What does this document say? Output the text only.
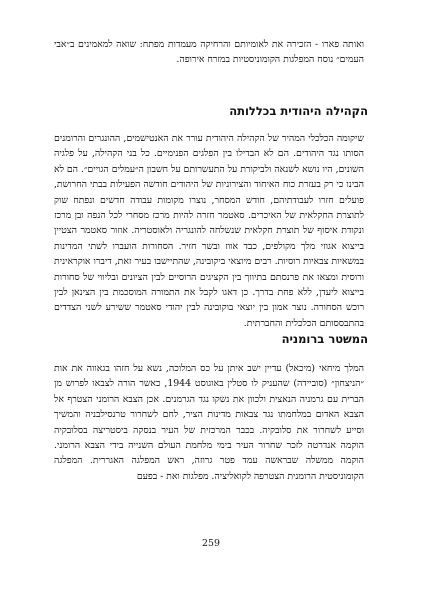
ואותה פארו - הזכירה את לאומיותם והרחיקה מעמדות מפתח: שואה למאמינים ב״אבי העמים״ נוסח המפלגות הקומוניסטיות במזרח אירופה.

הקהילה היהודית בכללותה

שיקומה הכלכלי המהיר של הקהילה היהודית עורר את האנטישמים, ההונגרים והרומנים הסותו נגד היהודים. הם לא הבדילו בין הפלגים הפנימיים. כל בני הקהילה, על פלגיה השונים, היו נושא לשנאה ולביקורת על התעשרותם על חשבון ה״עמלים הגויים״. הם לא הבינו כי רק בעזרת כוח האיחוד והצירוניות של היהודים חודשה הפעילות בבתי החרושת, פועלים חזרו לעבודתיהם, חודש המסחר, נוצרו מקומות עבודה חדשים ונפתח שוק לתוצרת החקלאית של האיכרים. סאטמר חזרה להיות מרכז מסחרי לכל הנפה ובן מרכז ונקודת איסוף של תוצרת חקלאית שנשלחה להונגריה ולאוסטריה. אוזור סאטמר הצטיין בייצוא אגוזי מלך מקולפים, כבד אווז ובשר חזיר. הסחורות הועברו לשתי המדינות במשאיות צבאיות רוסיות. רבים מיוצאי ביקובינה, שהתיישבו בעיר זאת, דיברו אוקראינית ורוסית ומצאו את פרנסתם בתיווך בין הקציגים הרוסיים לבין הציונים ובליווי של סחורות בייצוא ליעדן, ללא פחת בדרך. כן דאגו לקבל את התמורה המוסכמת בין הצינאן לבין רוכש הסחורה. נוצר אמון בין יוצאי בוקובינה לבין יהודי סאטמר ששירע לשני הצדדים בהתבססותם הכלכלית והחברתית.

המשטר ברומניה

המלך מיחאי (מיכאל) עדיין ישב איתן על כס המלוכה, נשא על חזהו בגאווה את אות ״הניצחון״ (סוביידה) שהעניק לו סטלין באוגוסט 1944, כאשר הורה לצבאו לפרוש מן הברית עם גרמניה הנאצית ולכוון את נשקו נגד הגרמנים. אכן הצבא הרומני הצטרף אל הצבא האדום במלחמתו נגד צבאות מדינות הציר, לחם לשחרור טרנסילבניה והמשיך וסייע לשחרור את סלובקיה. בכבר המרכזית של העיר בנסקה ביסטריצה בסלובקיה הוקמה אנדרטה לזכר שחרור העיר בימי מלחמת העולם השנייה בידי הצבא הרומני. הוקמה ממשלה שבראשה עמד פטר גרוזה, ראש המפלגה האגררית. המפלגה הקומוניסטית הרומנית הצטרפה לקואליציה. מפלגות ואת - בפעם

259
